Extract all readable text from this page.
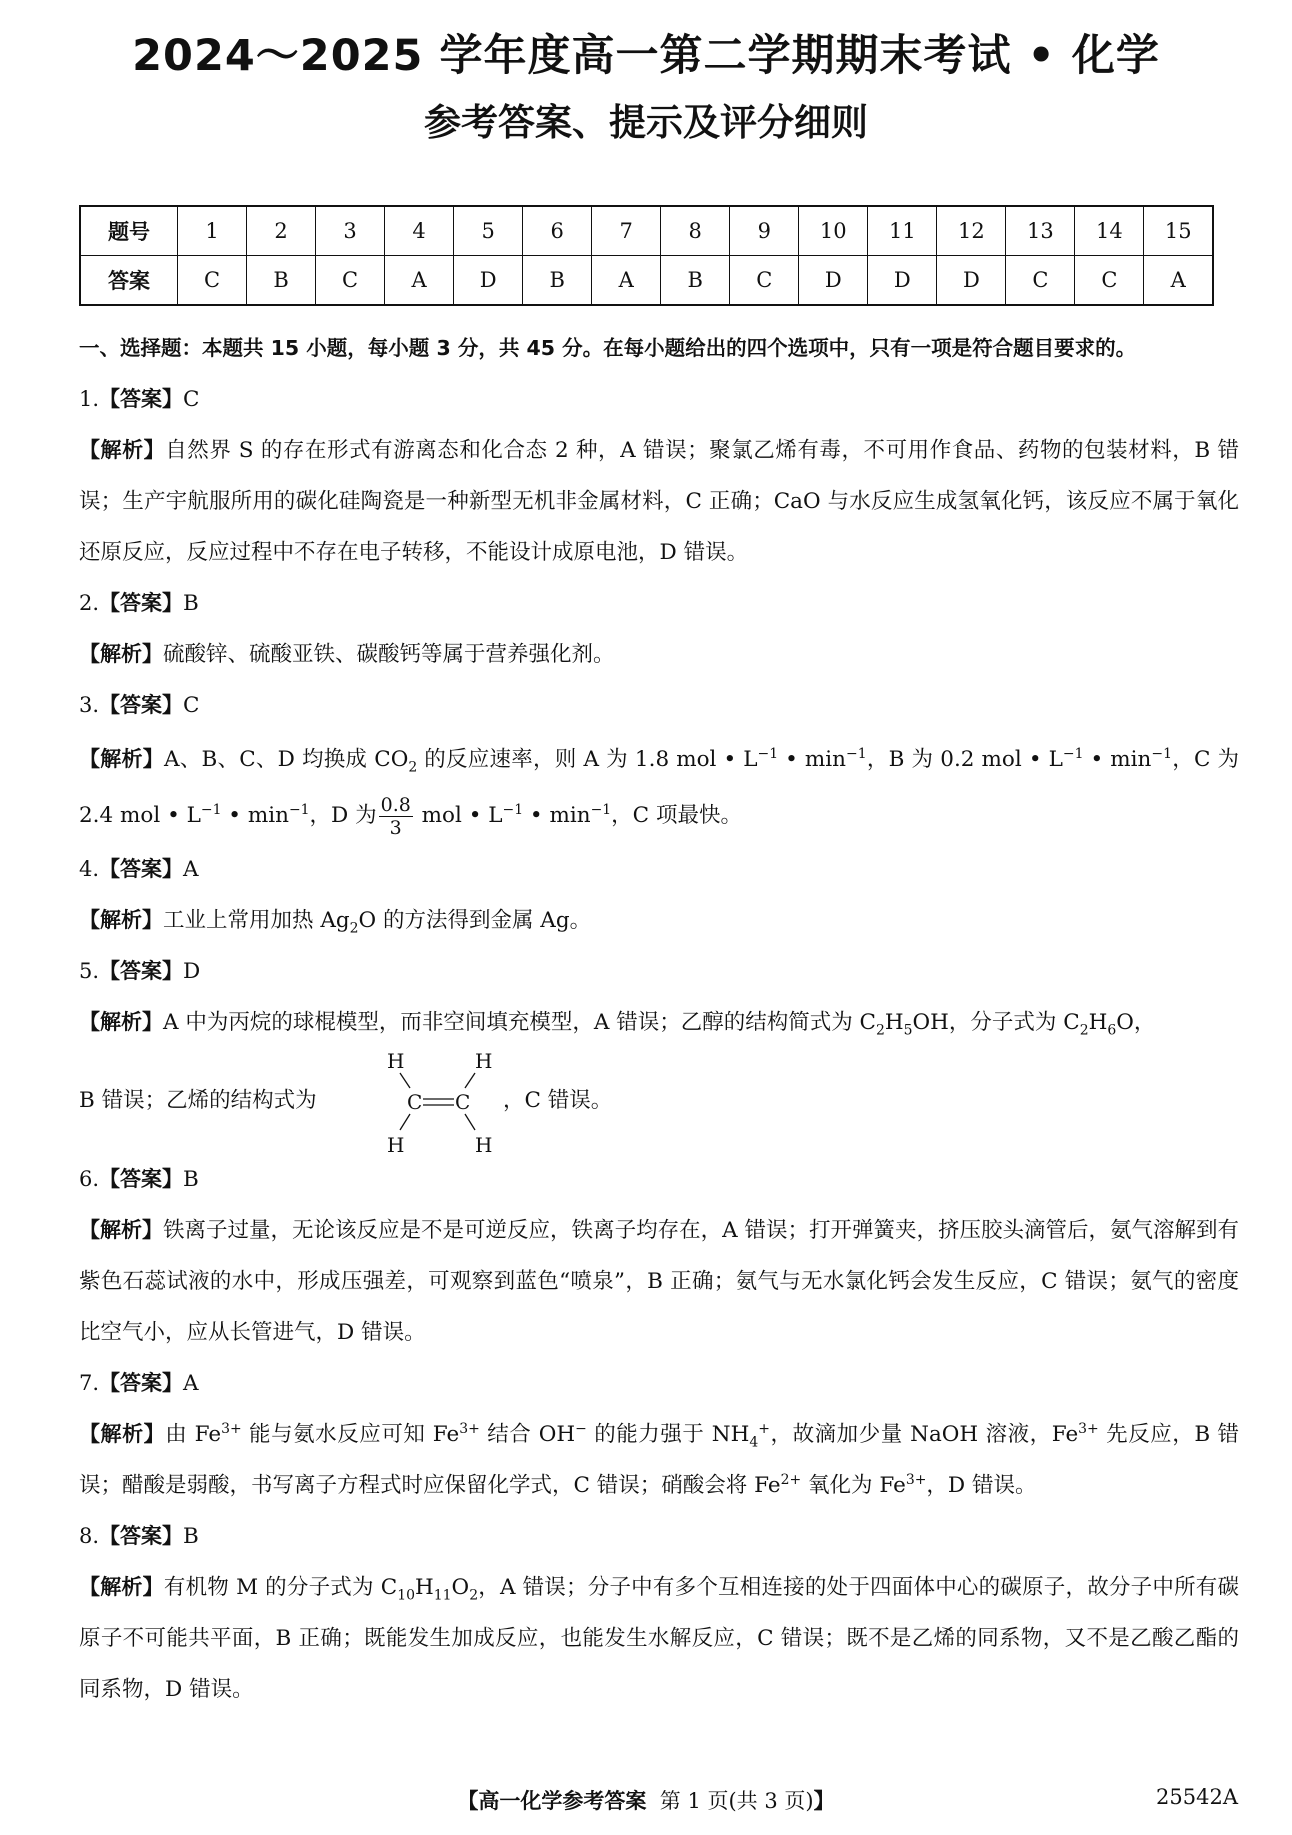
2024～2025 学年度高一第二学期期末考试 • 化学
参考答案、提示及评分细则
题号	1	2	3	4	5	6	7	8	9	10	11	12	13	14	15
答案	C	B	C	A	D	B	A	B	C	D	D	D	C	C	A

一、选择题：本题共 15 小题，每小题 3 分，共 45 分。在每小题给出的四个选项中，只有一项是符合题目要求的。

1.【答案】C

【解析】自然界 S 的存在形式有游离态和化合态 2 种，A 错误；聚氯乙烯有毒，不可用作食品、药物的包装材料，B 错误；生产宇航服所用的碳化硅陶瓷是一种新型无机非金属材料，C 正确；CaO 与水反应生成氢氧化钙，该反应不属于氧化还原反应，反应过程中不存在电子转移，不能设计成原电池，D 错误。

2.【答案】B

【解析】硫酸锌、硫酸亚铁、碳酸钙等属于营养强化剂。

3.【答案】C

【解析】A、B、C、D 均换成 $CO_2$ 的反应速率，则 A 为 1.8 mol • $L^{-1}$ • $\min^{-1}$，B 为 0.2 mol • $L^{-1}$ • $\min^{-1}$，C 为 2.4 mol • $L^{-1}$ • $\min^{-1}$，D 为 $\frac{0.8}{3}$ mol • $L^{-1}$ • $\min^{-1}$，C 项最快。

4.【答案】A

【解析】工业上常用加热 $Ag_2O$ 的方法得到金属 Ag。

5.【答案】D

【解析】A 中为丙烷的球棍模型，而非空间填充模型，A 错误；乙醇的结构简式为 $C_2H_5OH$，分子式为 $C_2H_6O$，

B 错误；乙烯的结构式为
H	H
H	H
C C ，C 错误。

6.【答案】B

【解析】铁离子过量，无论该反应是不是可逆反应，铁离子均存在，A 错误；打开弹簧夹，挤压胶头滴管后，氨气溶解到有紫色石蕊试液的水中，形成压强差，可观察到蓝色“喷泉”，B 正确；氨气与无水氯化钙会发生反应，C 错误；氨气的密度比空气小，应从长管进气，D 错误。

7.【答案】A

【解析】由 $Fe^{3+}$ 能与氨水反应可知 $Fe^{3+}$ 结合 OH− 的能力强于 $NH_4^+$，故滴加少量 NaOH 溶液，$Fe^{3+}$ 先反应，B 错误；醋酸是弱酸，书写离子方程式时应保留化学式，C 错误；硝酸会将 $Fe^{2+}$ 氧化为 $Fe^{3+}$，D 错误。

8.【答案】B

【解析】有机物 M 的分子式为 $C_{10}H_{11}O_2$，A 错误；分子中有多个互相连接的处于四面体中心的碳原子，故分子中所有碳原子不可能共平面，B 正确；既能发生加成反应，也能发生水解反应，C 错误；既不是乙烯的同系物，又不是乙酸乙酯的同系物，D 错误。

【高一化学参考答案 第 1 页(共 3 页)】	25542A
